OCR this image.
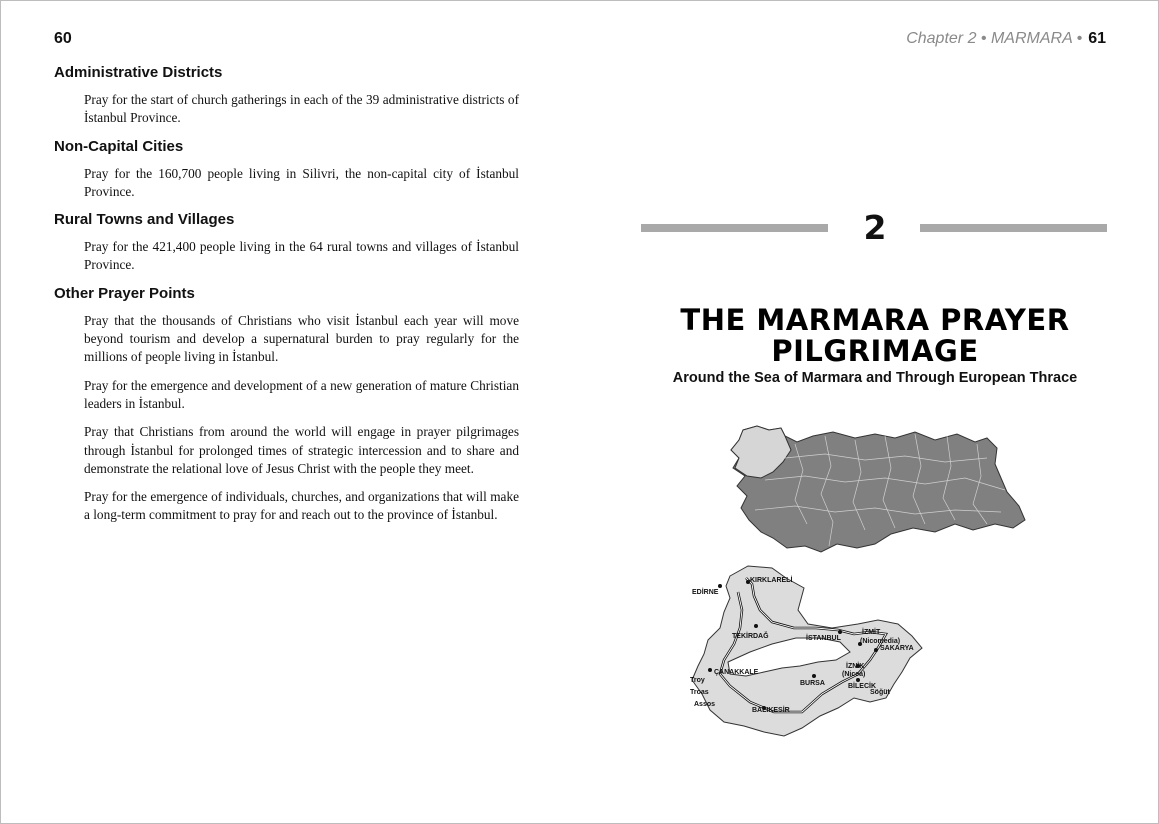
60
Administrative Districts

Pray for the start of church gatherings in each of the 39 administrative districts of İstanbul Province.

Non-Capital Cities

Pray for the 160,700 people living in Silivri, the non-capital city of İstanbul Province.

Rural Towns and Villages

Pray for the 421,400 people living in the 64 rural towns and villages of İstanbul Province.

Other Prayer Points

Pray that the thousands of Christians who visit İstanbul each year will move beyond tourism and develop a supernatural burden to pray regularly for the millions of people living in İstanbul.

Pray for the emergence and development of a new generation of mature Christian leaders in İstanbul.

Pray that Christians from around the world will engage in prayer pilgrimages through İstanbul for prolonged times of strategic intercession and to share and demonstrate the relational love of Jesus Christ with the people they meet.

Pray for the emergence of individuals, churches, and organizations that will make a long-term commitment to pray for and reach out to the province of İstanbul.

Chapter 2 • MARMARA • 61
2
THE MARMARA PRAYER
PILGRIMAGE
Around the Sea of Marmara and Through European Thrace
KIRKLARELİ
EDİRNE
TEKİRDAĞ	İSTANBUL
İZMİT
(Nicomedia)
SAKARYA
İZNİK
(Nicea)
ÇANAKKALE
BURSA	BİLECİK
Söğüt
Troy
Troas
Assos
BALIKESİR
